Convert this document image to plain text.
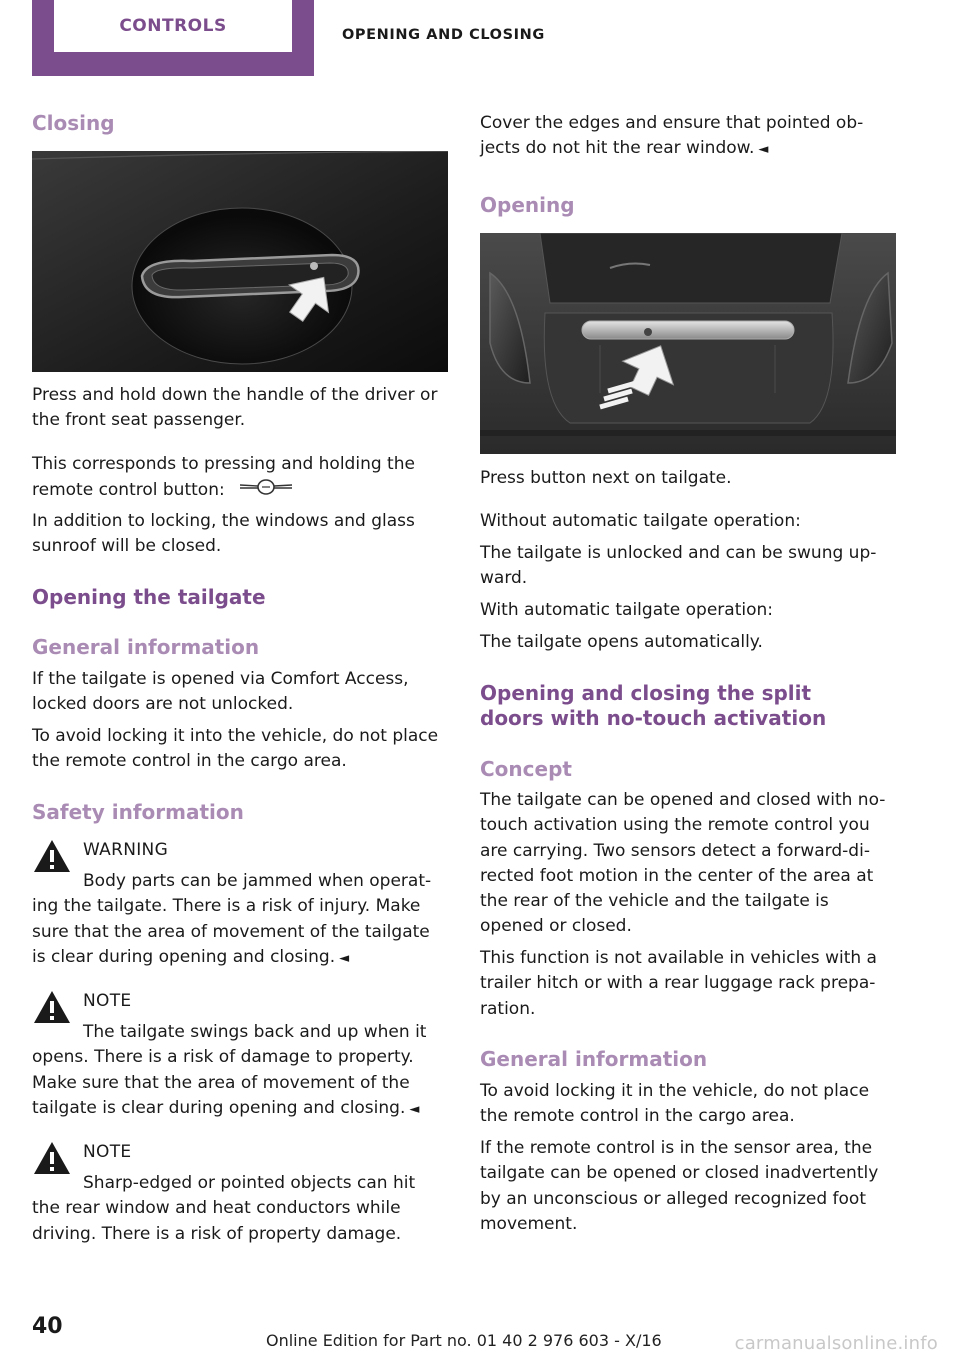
CONTROLS	OPENING AND CLOSING
Closing

Press and hold down the handle of the driver or the front seat passenger.

This corresponds to pressing and holding the remote control button:

In addition to locking, the windows and glass sunroof will be closed.

Opening the tailgate
General information

If the tailgate is opened via Comfort Access, locked doors are not unlocked.

To avoid locking it into the vehicle, do not place the remote control in the cargo area.

Safety information
WARNING
Body parts can be jammed when operating the tailgate. There is a risk of injury. Make sure that the area of movement of the tailgate is clear during opening and closing. ◄
NOTE
The tailgate swings back and up when it opens. There is a risk of damage to property. Make sure that the area of movement of the tailgate is clear during opening and closing. ◄
NOTE
Sharp-edged or pointed objects can hit the rear window and heat conductors while driving. There is a risk of property damage.

Cover the edges and ensure that pointed objects do not hit the rear window. ◄

Opening

Press button next on tailgate.

Without automatic tailgate operation:

The tailgate is unlocked and can be swung upward.

With automatic tailgate operation:

The tailgate opens automatically.

Opening and closing the split doors with no-touch activation
Concept

The tailgate can be opened and closed with no-touch activation using the remote control you are carrying. Two sensors detect a forward-directed foot motion in the center of the area at the rear of the vehicle and the tailgate is opened or closed.

This function is not available in vehicles with a trailer hitch or with a rear luggage rack preparation.

General information

To avoid locking it in the vehicle, do not place the remote control in the cargo area.

If the remote control is in the sensor area, the tailgate can be opened or closed inadvertently by an unconscious or alleged recognized foot movement.

40
Online Edition for Part no. 01 40 2 976 603 - X/16	carmanualsonline.info
